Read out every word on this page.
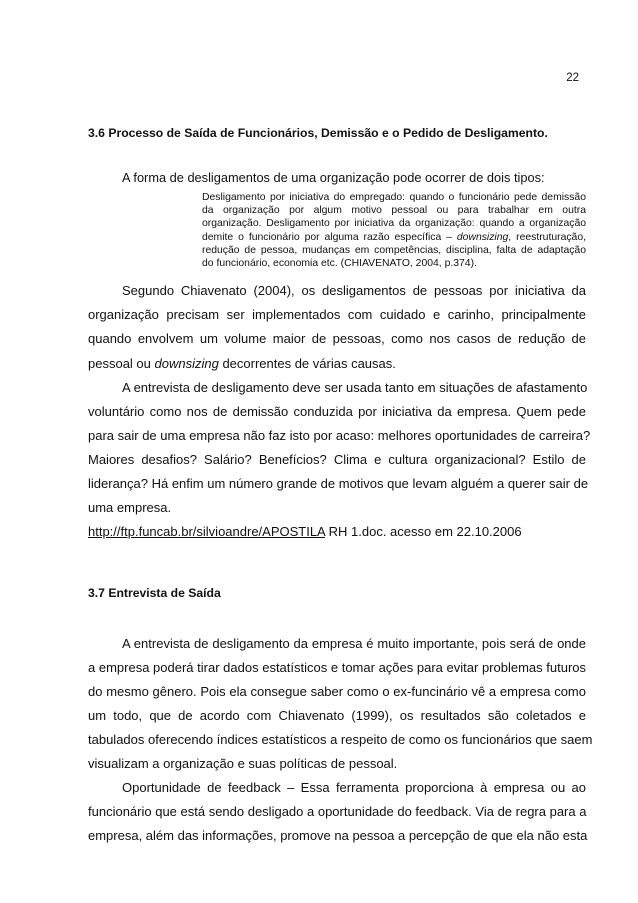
22
3.6 Processo de Saída de Funcionários, Demissão e o Pedido de Desligamento.
A forma de desligamentos de uma organização pode ocorrer de dois tipos:

Desligamento por iniciativa do empregado: quando o funcionário pede demissão

da organização por algum motivo pessoal ou para trabalhar em outra

organização. Desligamento por iniciativa da organização: quando a organização

demite o funcionário por alguma razão específica – downsizing, reestruturação,

redução de pessoa, mudanças em competências, disciplina, falta de adaptação

do funcionário, economia etc. (CHIAVENATO, 2004, p.374).

Segundo Chiavenato (2004), os desligamentos de pessoas por iniciativa da
organização precisam ser implementados com cuidado e carinho, principalmente
quando envolvem um volume maior de pessoas, como nos casos de redução de
pessoal ou downsizing decorrentes de várias causas.
A entrevista de desligamento deve ser usada tanto em situações de afastamento
voluntário como nos de demissão conduzida por iniciativa da empresa. Quem pede
para sair de uma empresa não faz isto por acaso: melhores oportunidades de carreira?
Maiores desafios? Salário? Benefícios? Clima e cultura organizacional? Estilo de
liderança? Há enfim um número grande de motivos que levam alguém a querer sair de
uma empresa.
http://ftp.funcab.br/silvioandre/APOSTILA RH 1.doc. acesso em 22.10.2006
3.7 Entrevista de Saída
A entrevista de desligamento da empresa é muito importante, pois será de onde
a empresa poderá tirar dados estatísticos e tomar ações para evitar problemas futuros
do mesmo gênero. Pois ela consegue saber como o ex-funcinário vê a empresa como
um todo, que de acordo com Chiavenato (1999), os resultados são coletados e
tabulados oferecendo índices estatísticos a respeito de como os funcionários que saem
visualizam a organização e suas políticas de pessoal.
Oportunidade de feedback – Essa ferramenta proporciona à empresa ou ao
funcionário que está sendo desligado a oportunidade do feedback. Via de regra para a
empresa, além das informações, promove na pessoa a percepção de que ela não esta
